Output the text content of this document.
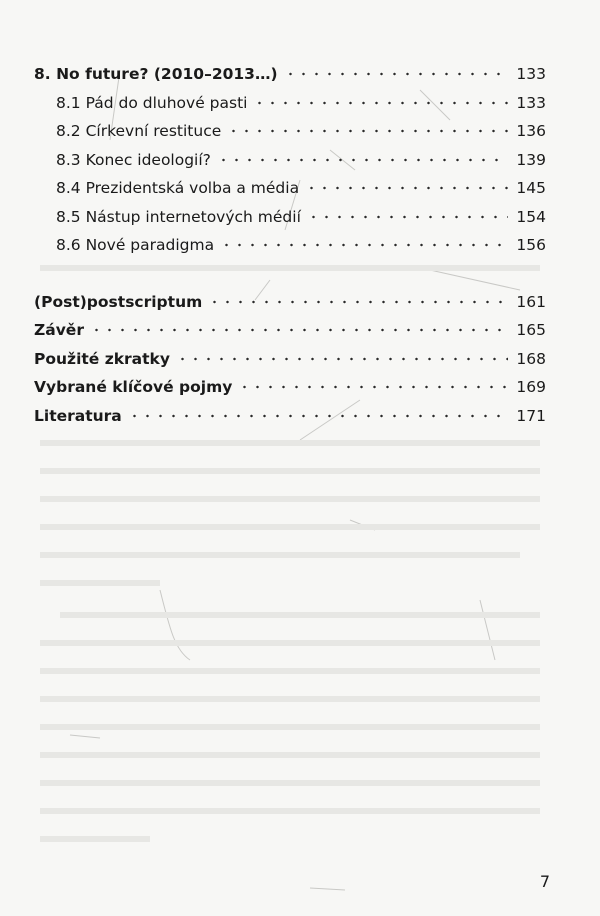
8. No future? (2010–2013…)	133
8.1 Pád do dluhové pasti	133
8.2 Církevní restituce	136
8.3 Konec ideologií?	139
8.4 Prezidentská volba a média	145
8.5 Nástup internetových médií	154
8.6 Nové paradigma	156
(Post)postscriptum	161
Závěr	165
Použité zkratky	168
Vybrané klíčové pojmy	169
Literatura	171
7
